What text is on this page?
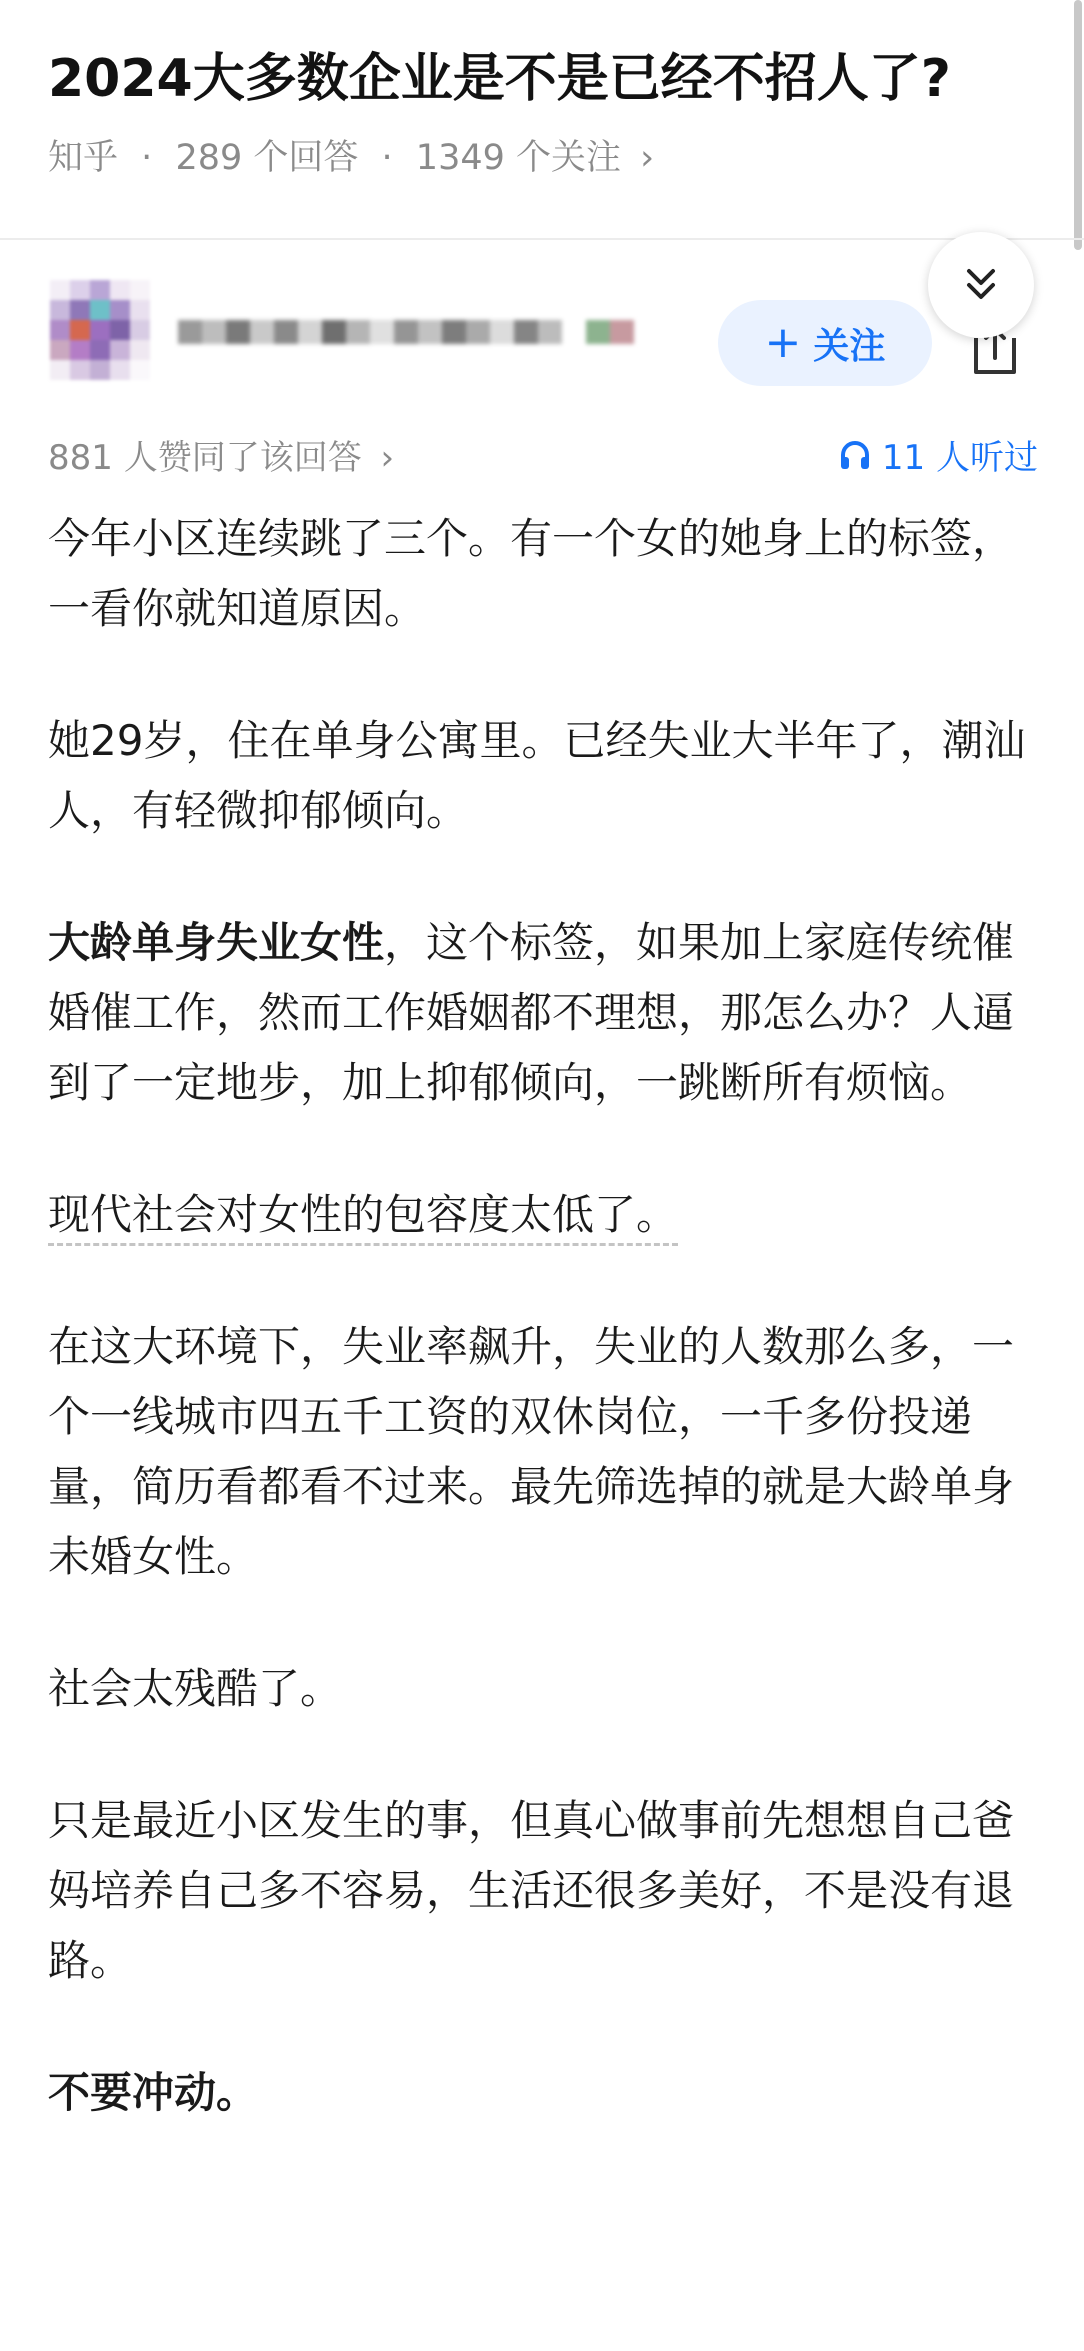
2024大多数企业是不是已经不招人了?
知乎 · 289 个回答 · 1349 个关注 ›
+ 关注
881 人赞同了该回答 ›	11 人听过

今年小区连续跳了三个。有一个女的她身上的标签，一看你就知道原因。

她29岁，住在单身公寓里。已经失业大半年了，潮汕人，有轻微抑郁倾向。

大龄单身失业女性，这个标签，如果加上家庭传统催婚催工作，然而工作婚姻都不理想，那怎么办？人逼到了一定地步，加上抑郁倾向，一跳断所有烦恼。

现代社会对女性的包容度太低了。

在这大环境下，失业率飙升，失业的人数那么多，一个一线城市四五千工资的双休岗位，一千多份投递量，简历看都看不过来。最先筛选掉的就是大龄单身未婚女性。

社会太残酷了。

只是最近小区发生的事，但真心做事前先想想自己爸妈培养自己多不容易，生活还很多美好，不是没有退路。

不要冲动。
